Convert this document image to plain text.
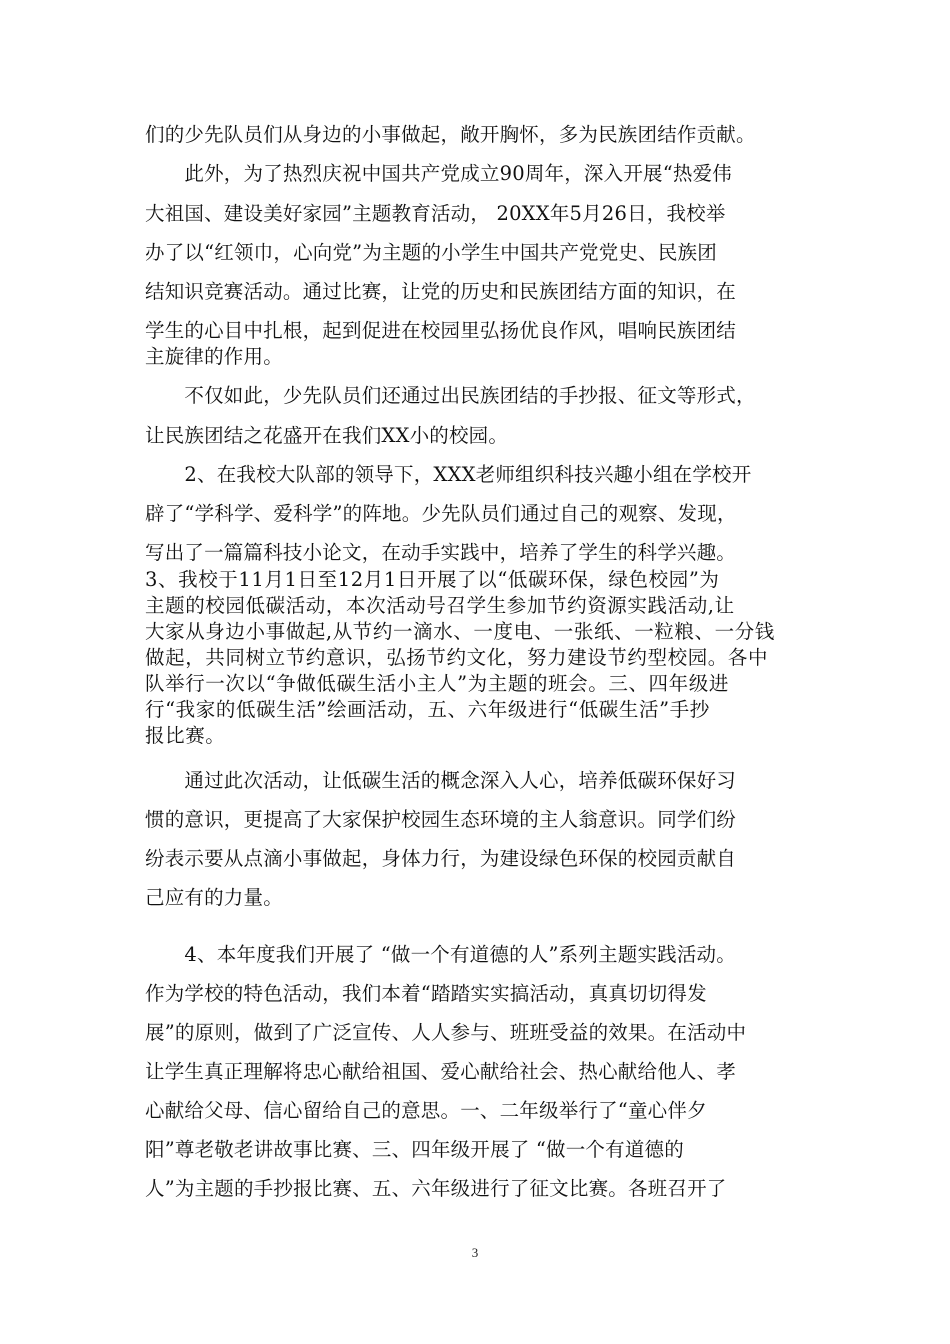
们的少先队员们从身边的小事做起，敞开胸怀，多为民族团结作贡献。
　　此外，为了热烈庆祝中国共产党成立90周年，深入开展“热爱伟
大祖国、建设美好家园”主题教育活动， 20XX年5月26日，我校举
办了以“红领巾，心向党”为主题的小学生中国共产党党史、民族团
结知识竞赛活动。通过比赛，让党的历史和民族团结方面的知识，在
学生的心目中扎根，起到促进在校园里弘扬优良作风，唱响民族团结
主旋律的作用。
　　不仅如此，少先队员们还通过出民族团结的手抄报、征文等形式，
让民族团结之花盛开在我们XX小的校园。
　　2、在我校大队部的领导下，XXX老师组织科技兴趣小组在学校开
辟了“学科学、爱科学”的阵地。少先队员们通过自己的观察、发现，
写出了一篇篇科技小论文，在动手实践中，培养了学生的科学兴趣。
3、我校于11月1日至12月1日开展了以“低碳环保，绿色校园”为
主题的校园低碳活动，本次活动号召学生参加节约资源实践活动,让
大家从身边小事做起,从节约一滴水、一度电、一张纸、一粒粮、一分钱
做起，共同树立节约意识，弘扬节约文化，努力建设节约型校园。各中
队举行一次以“争做低碳生活小主人”为主题的班会。三、四年级进
行“我家的低碳生活”绘画活动，五、六年级进行“低碳生活”手抄
报比赛。
　　通过此次活动，让低碳生活的概念深入人心，培养低碳环保好习
惯的意识，更提高了大家保护校园生态环境的主人翁意识。同学们纷
纷表示要从点滴小事做起，身体力行，为建设绿色环保的校园贡献自
己应有的力量。
　　4、本年度我们开展了 “做一个有道德的人”系列主题实践活动。
作为学校的特色活动，我们本着“踏踏实实搞活动，真真切切得发
展”的原则，做到了广泛宣传、人人参与、班班受益的效果。在活动中
让学生真正理解将忠心献给祖国、爱心献给社会、热心献给他人、孝
心献给父母、信心留给自己的意思。一、二年级举行了“童心伴夕
阳”尊老敬老讲故事比赛、三、四年级开展了 “做一个有道德的
人”为主题的手抄报比赛、五、六年级进行了征文比赛。各班召开了
3
